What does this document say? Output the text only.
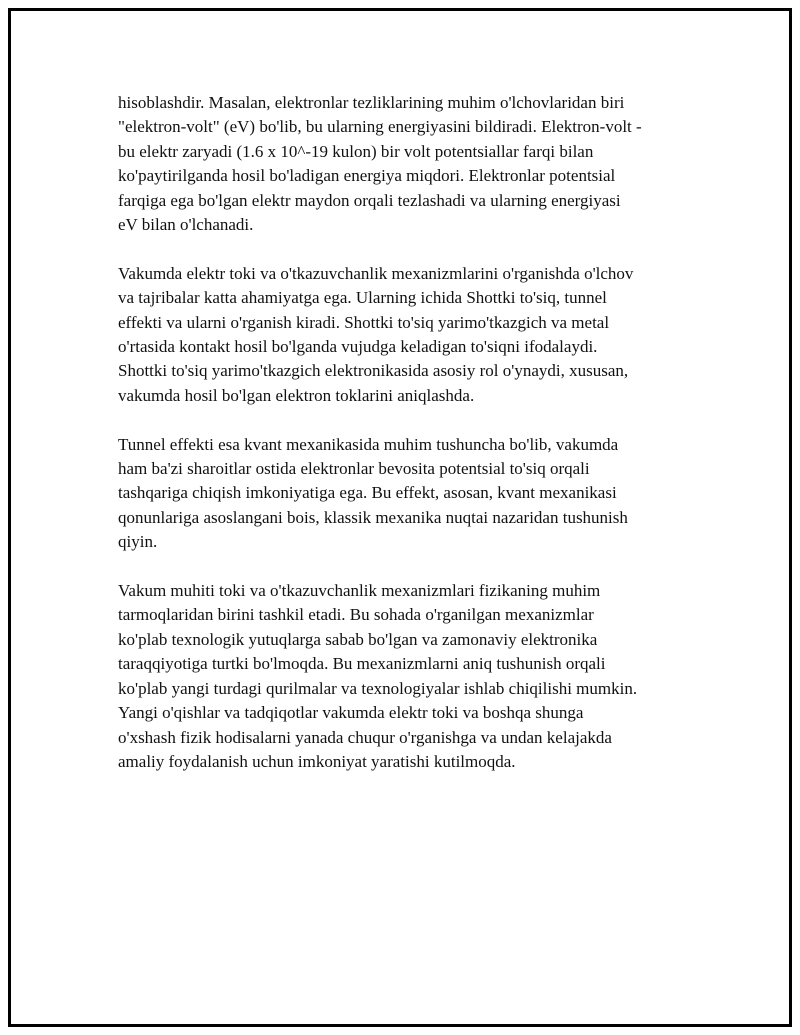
hisoblashdir. Masalan, elektronlar tezliklarining muhim o'lchovlaridan biri
"elektron-volt" (eV) bo'lib, bu ularning energiyasini bildiradi. Elektron-volt -
bu elektr zaryadi (1.6 x 10^-19 kulon) bir volt potentsiallar farqi bilan
ko'paytirilganda hosil bo'ladigan energiya miqdori. Elektronlar potentsial
farqiga ega bo'lgan elektr maydon orqali tezlashadi va ularning energiyasi
eV bilan o'lchanadi.

Vakumda elektr toki va o'tkazuvchanlik mexanizmlarini o'rganishda o'lchov
va tajribalar katta ahamiyatga ega. Ularning ichida Shottki to'siq, tunnel
effekti va ularni o'rganish kiradi. Shottki to'siq yarimo'tkazgich va metal
o'rtasida kontakt hosil bo'lganda vujudga keladigan to'siqni ifodalaydi.
Shottki to'siq yarimo'tkazgich elektronikasida asosiy rol o'ynaydi, xususan,
vakumda hosil bo'lgan elektron toklarini aniqlashda.

Tunnel effekti esa kvant mexanikasida muhim tushuncha bo'lib, vakumda
ham ba'zi sharoitlar ostida elektronlar bevosita potentsial to'siq orqali
tashqariga chiqish imkoniyatiga ega. Bu effekt, asosan, kvant mexanikasi
qonunlariga asoslangani bois, klassik mexanika nuqtai nazaridan tushunish
qiyin.

Vakum muhiti toki va o'tkazuvchanlik mexanizmlari fizikaning muhim
tarmoqlaridan birini tashkil etadi. Bu sohada o'rganilgan mexanizmlar
ko'plab texnologik yutuqlarga sabab bo'lgan va zamonaviy elektronika
taraqqiyotiga turtki bo'lmoqda. Bu mexanizmlarni aniq tushunish orqali
ko'plab yangi turdagi qurilmalar va texnologiyalar ishlab chiqilishi mumkin.
Yangi o'qishlar va tadqiqotlar vakumda elektr toki va boshqa shunga
o'xshash fizik hodisalarni yanada chuqur o'rganishga va undan kelajakda
amaliy foydalanish uchun imkoniyat yaratishi kutilmoqda.
